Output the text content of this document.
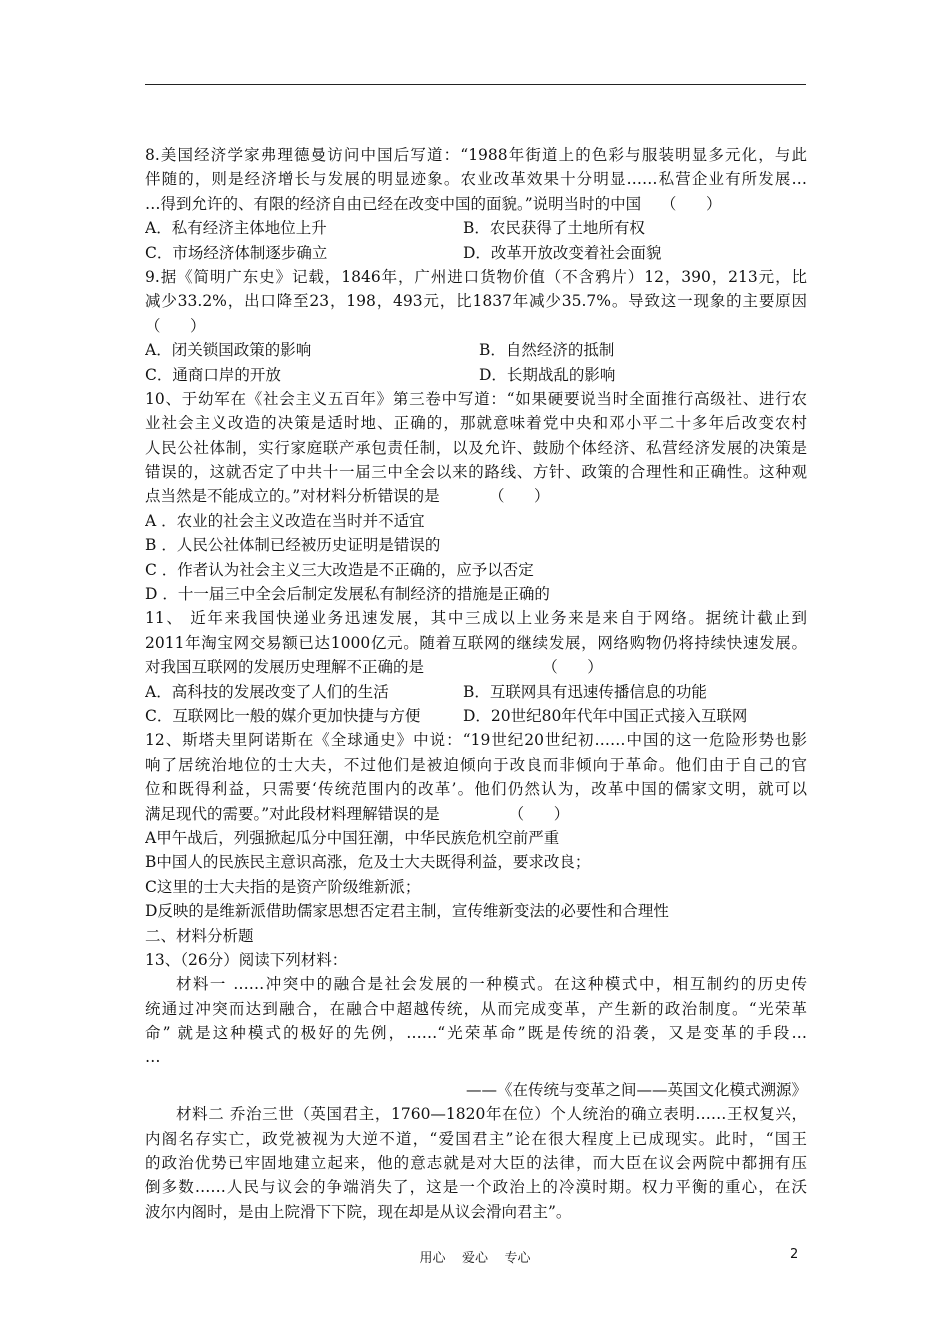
8.美国经济学家弗理德曼访问中国后写道：“1988年街道上的色彩与服装明显多元化，与此
伴随的，则是经济增长与发展的明显迹象。农业改革效果十分明显……私营企业有所发展…
…得到允许的、有限的经济自由已经在改变中国的面貌。”说明当时的中国    （      ）
A．私有经济主体地位上升	B．农民获得了土地所有权
C．市场经济体制逐步确立	D．改革开放改变着社会面貌
9.据《简明广东史》记载，1846年，广州进口货物价值（不含鸦片）12，390，213元，比
减少33.2%，出口降至23，198，493元，比1837年减少35.7%。导致这一现象的主要原因
（      ）
A．闭关锁国政策的影响	B．自然经济的抵制
C．通商口岸的开放	D．长期战乱的影响
10、于幼军在《社会主义五百年》第三卷中写道：“如果硬要说当时全面推行高级社、进行农
业社会主义改造的决策是适时地、正确的，那就意味着党中央和邓小平二十多年后改变农村
人民公社体制，实行家庭联产承包责任制，以及允许、鼓励个体经济、私营经济发展的决策是
错误的，这就否定了中共十一届三中全会以来的路线、方针、政策的合理性和正确性。这种观
点当然是不能成立的。”对材料分析错误的是          （      ）
A ．农业的社会主义改造在当时并不适宜
B ．人民公社体制已经被历史证明是错误的
C ．作者认为社会主义三大改造是不正确的，应予以否定
D ．十一届三中全会后制定发展私有制经济的措施是正确的
11、 近年来我国快递业务迅速发展，其中三成以上业务来是来自于网络。据统计截止到
2011年淘宝网交易额已达1000亿元。随着互联网的继续发展，网络购物仍将持续快速发展。
对我国互联网的发展历史理解不正确的是                        （      ）
A．高科技的发展改变了人们的生活	B．互联网具有迅速传播信息的功能
C．互联网比一般的媒介更加快捷与方便	D．20世纪80年代年中国正式接入互联网
12、斯塔夫里阿诺斯在《全球通史》中说：“19世纪20世纪初……中国的这一危险形势也影
响了居统治地位的士大夫，不过他们是被迫倾向于改良而非倾向于革命。他们由于自己的官
位和既得利益，只需要‘传统范围内的改革’。他们仍然认为，改革中国的儒家文明，就可以
满足现代的需要。”对此段材料理解错误的是              （      ）
A甲午战后，列强掀起瓜分中国狂潮，中华民族危机空前严重
B中国人的民族民主意识高涨，危及士大夫既得利益，要求改良；
C这里的士大夫指的是资产阶级维新派；
D反映的是维新派借助儒家思想否定君主制，宣传维新变法的必要性和合理性
二、材料分析题
13、（26分）阅读下列材料：
材料一 ……冲突中的融合是社会发展的一种模式。在这种模式中，相互制约的历史传
统通过冲突而达到融合，在融合中超越传统，从而完成变革，产生新的政治制度。“光荣革
命” 就是这种模式的极好的先例，……“光荣革命”既是传统的沿袭，又是变革的手段…
…
——《在传统与变革之间——英国文化模式溯源》
材料二 乔治三世（英国君主，1760—1820年在位）个人统治的确立表明……王权复兴，
内阁名存实亡，政党被视为大逆不道，“爱国君主”论在很大程度上已成现实。此时，“国王
的政治优势已牢固地建立起来，他的意志就是对大臣的法律，而大臣在议会两院中都拥有压
倒多数……人民与议会的争端消失了，这是一个政治上的冷漠时期。权力平衡的重心，在沃
波尔内阁时，是由上院滑下下院，现在却是从议会滑向君主”。
用心    爱心    专心	2
